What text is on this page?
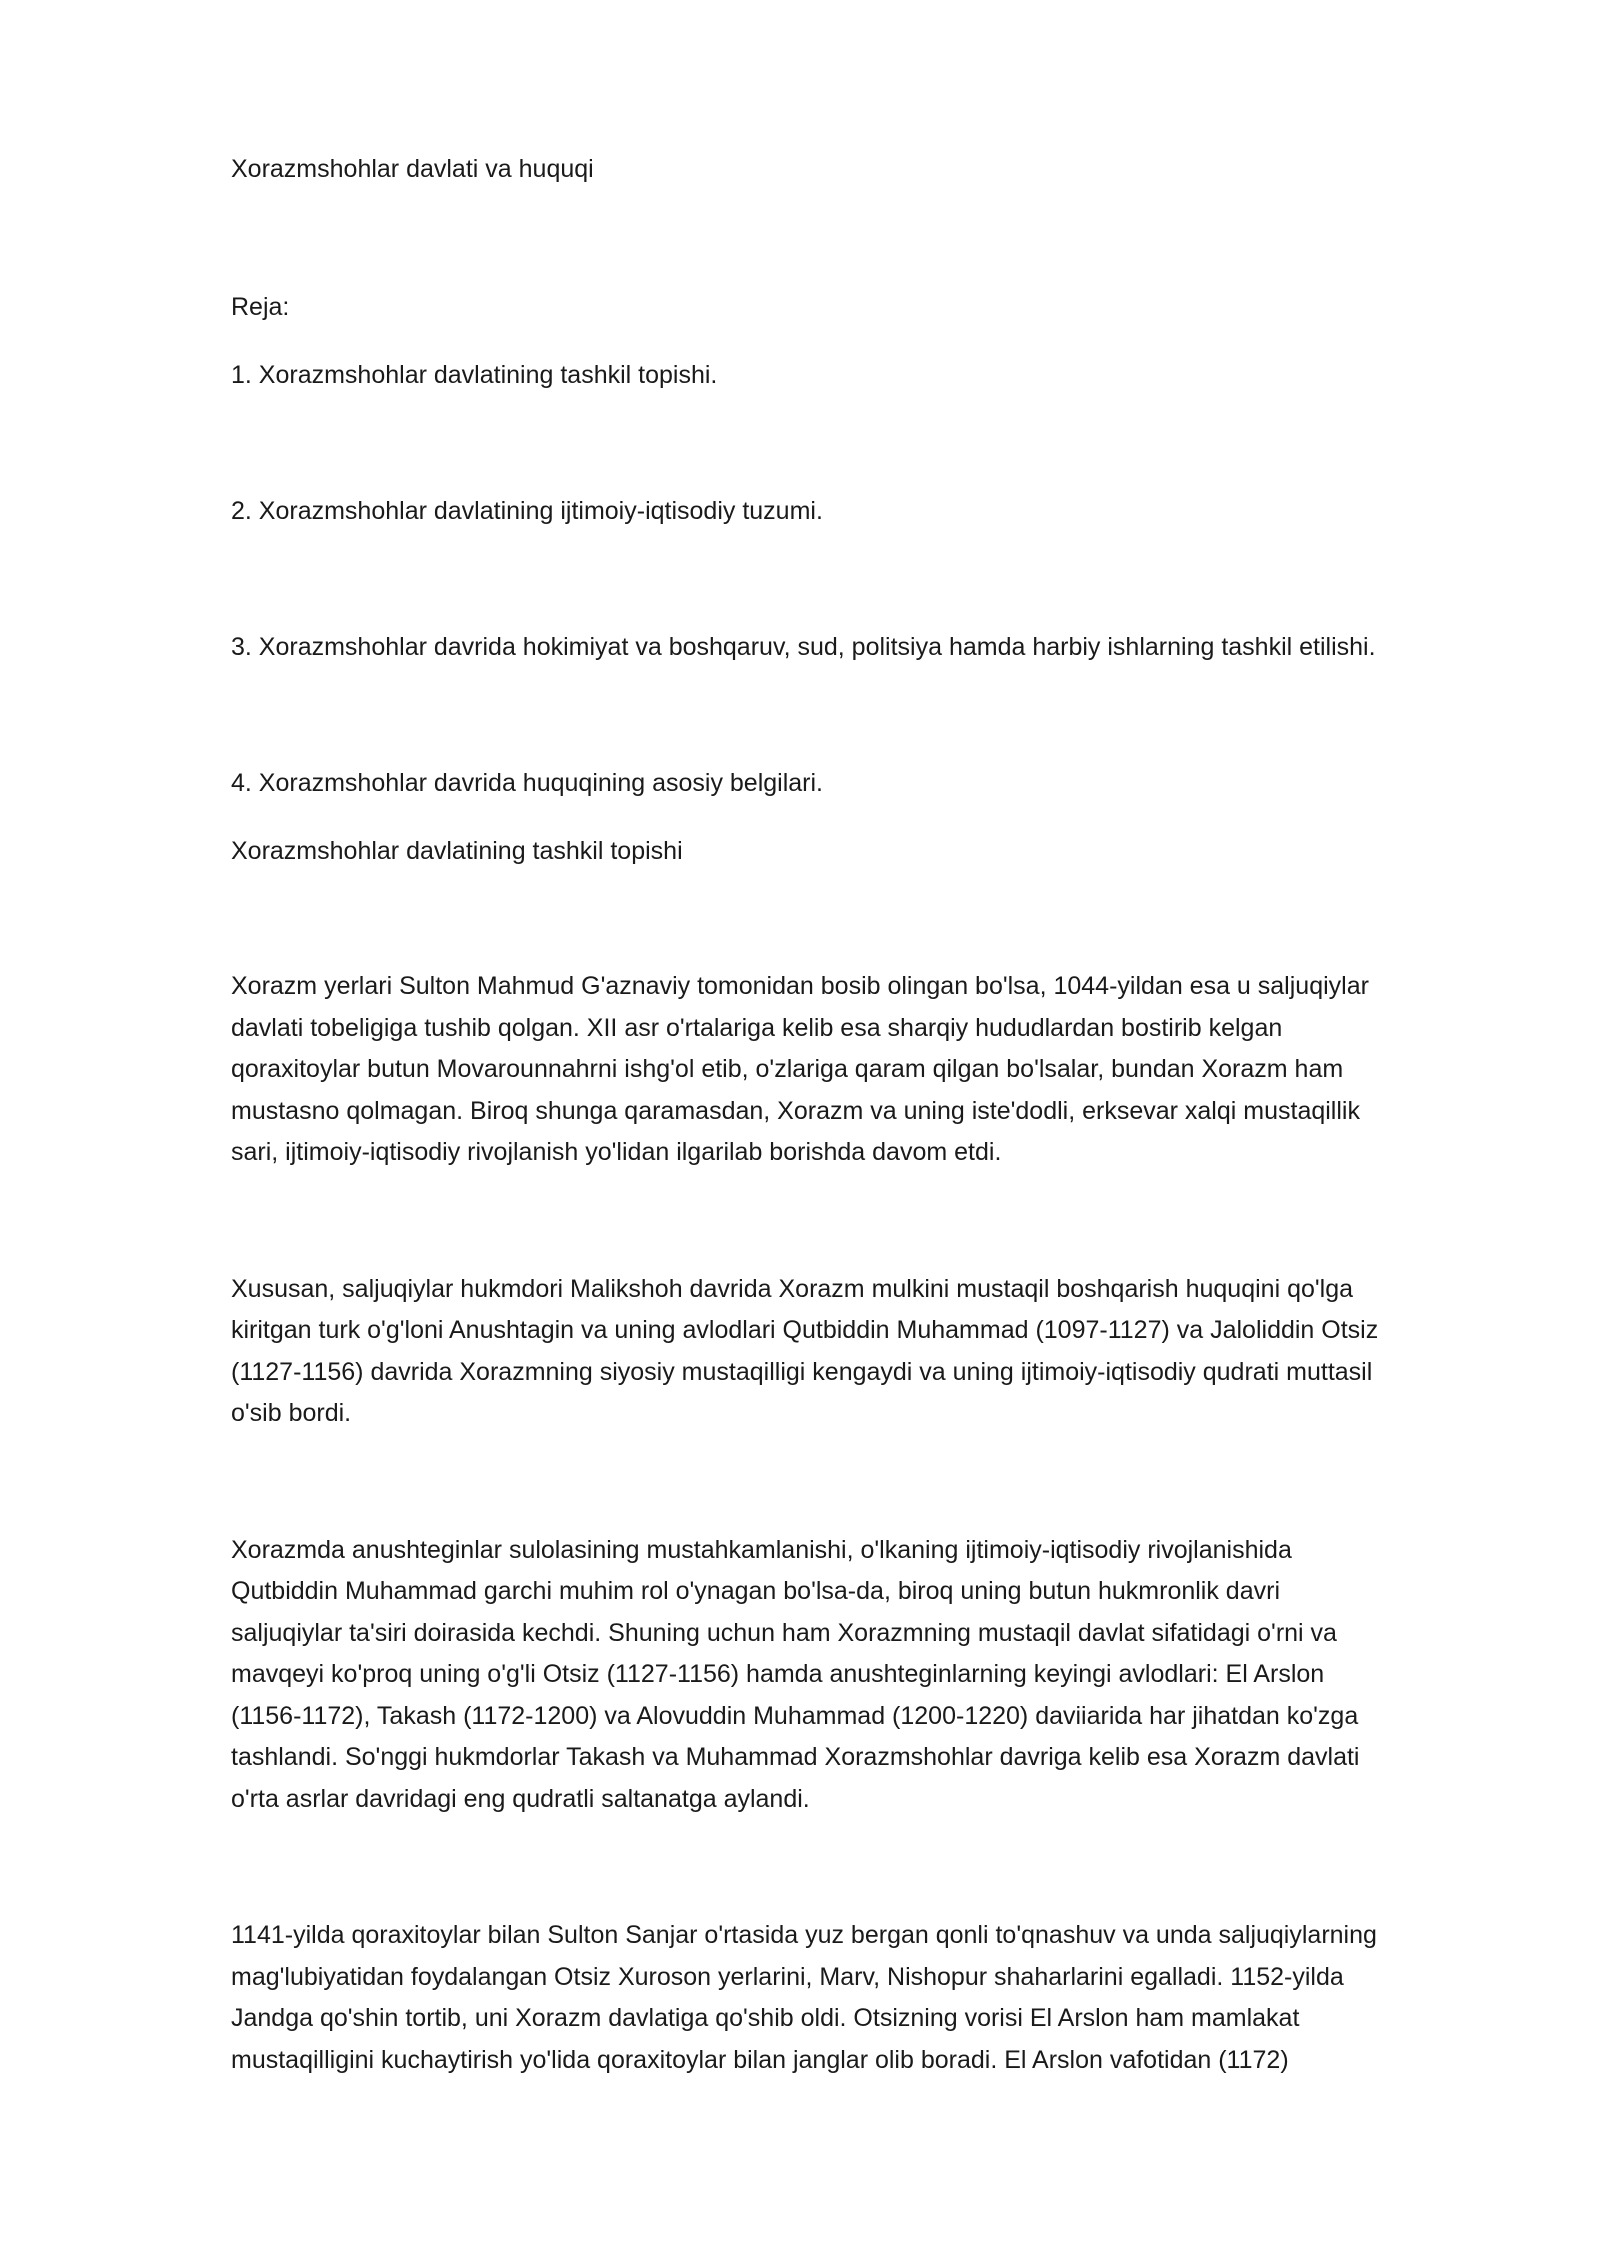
Xorazmshohlar davlati va huquqi

Reja:

1. Xorazmshohlar davlatining tashkil topishi.

2. Xorazmshohlar davlatining ijtimoiy-iqtisodiy tuzumi.

3. Xorazmshohlar davrida hokimiyat va boshqaruv, sud, politsiya hamda harbiy ishlarning tashkil etilishi.

4. Xorazmshohlar davrida huquqining asosiy belgilari.

Xorazmshohlar davlatining tashkil topishi

Xorazm yerlari Sulton Mahmud G'aznaviy tomonidan bosib olingan bo'lsa, 1044-yildan esa u saljuqiylar
davlati tobeligiga tushib qolgan. XII asr o'rtalariga kelib esa sharqiy hududlardan bostirib kelgan
qoraxitoylar butun Movarounnahrni ishg'ol etib, o'zlariga qaram qilgan bo'lsalar, bundan Xorazm ham
mustasno qolmagan. Biroq shunga qaramasdan, Xorazm va uning iste'dodli, erksevar xalqi mustaqillik
sari, ijtimoiy-iqtisodiy rivojlanish yo'lidan ilgarilab borishda davom etdi.
Xususan, saljuqiylar hukmdori Malikshoh davrida Xorazm mulkini mustaqil boshqarish huquqini qo'lga
kiritgan turk o'g'loni Anushtagin va uning avlodlari Qutbiddin Muhammad (1097-1127) va Jaloliddin Otsiz
(1127-1156) davrida Xorazmning siyosiy mustaqilligi kengaydi va uning ijtimoiy-iqtisodiy qudrati muttasil
o'sib bordi.
Xorazmda anushteginlar sulolasining mustahkamlanishi, o'lkaning ijtimoiy-iqtisodiy rivojlanishida
Qutbiddin Muhammad garchi muhim rol o'ynagan bo'lsa-da, biroq uning butun hukmronlik davri
saljuqiylar ta'siri doirasida kechdi. Shuning uchun ham Xorazmning mustaqil davlat sifatidagi o'rni va
mavqeyi ko'proq uning o'g'li Otsiz (1127-1156) hamda anushteginlarning keyingi avlodlari: El Arslon
(1156-1172), Takash (1172-1200) va Alovuddin Muhammad (1200-1220) daviiarida har jihatdan ko'zga
tashlandi. So'nggi hukmdorlar Takash va Muhammad Xorazmshohlar davriga kelib esa Xorazm davlati
o'rta asrlar davridagi eng qudratli saltanatga aylandi.
1141-yilda qoraxitoylar bilan Sulton Sanjar o'rtasida yuz bergan qonli to'qnashuv va unda saljuqiylarning
mag'lubiyatidan foydalangan Otsiz Xuroson yerlarini, Marv, Nishopur shaharlarini egalladi. 1152-yilda
Jandga qo'shin tortib, uni Xorazm davlatiga qo'shib oldi. Otsizning vorisi El Arslon ham mamlakat
mustaqilligini kuchaytirish yo'lida qoraxitoylar bilan janglar olib boradi. El Arslon vafotidan (1172)
